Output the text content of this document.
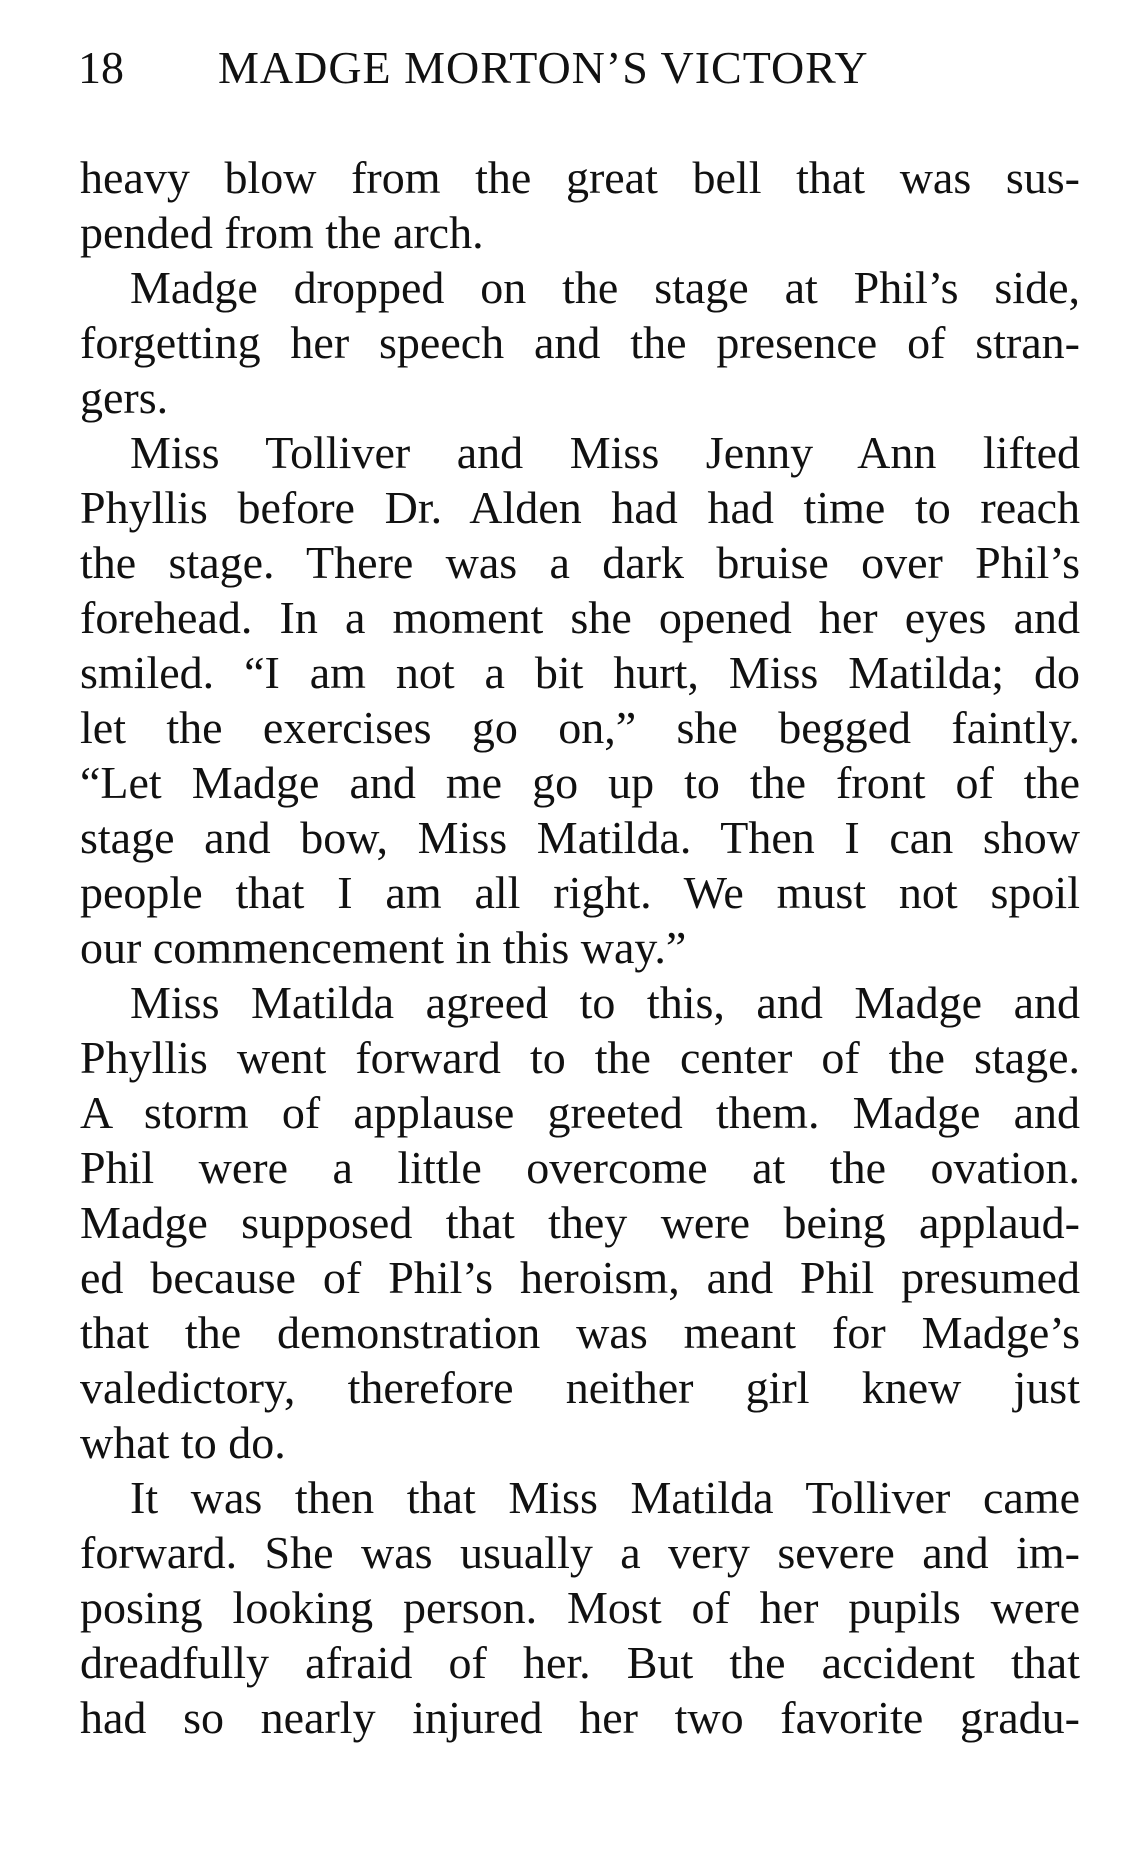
18 MADGE MORTON’S VICTORY
heavy blow from the great bell that was sus-
pended from the arch.
Madge dropped on the stage at Phil’s side,
forgetting her speech and the presence of stran-
gers.
Miss Tolliver and Miss Jenny Ann lifted
Phyllis before Dr. Alden had had time to reach
the stage. There was a dark bruise over Phil’s
forehead. In a moment she opened her eyes and
smiled. “I am not a bit hurt, Miss Matilda; do
let the exercises go on,” she begged faintly.
“Let Madge and me go up to the front of the
stage and bow, Miss Matilda. Then I can show
people that I am all right. We must not spoil
our commencement in this way.”
Miss Matilda agreed to this, and Madge and
Phyllis went forward to the center of the stage.
A storm of applause greeted them. Madge and
Phil were a little overcome at the ovation.
Madge supposed that they were being applaud-
ed because of Phil’s heroism, and Phil presumed
that the demonstration was meant for Madge’s
valedictory, therefore neither girl knew just
what to do.
It was then that Miss Matilda Tolliver came
forward. She was usually a very severe and im-
posing looking person. Most of her pupils were
dreadfully afraid of her. But the accident that
had so nearly injured her two favorite gradu-
